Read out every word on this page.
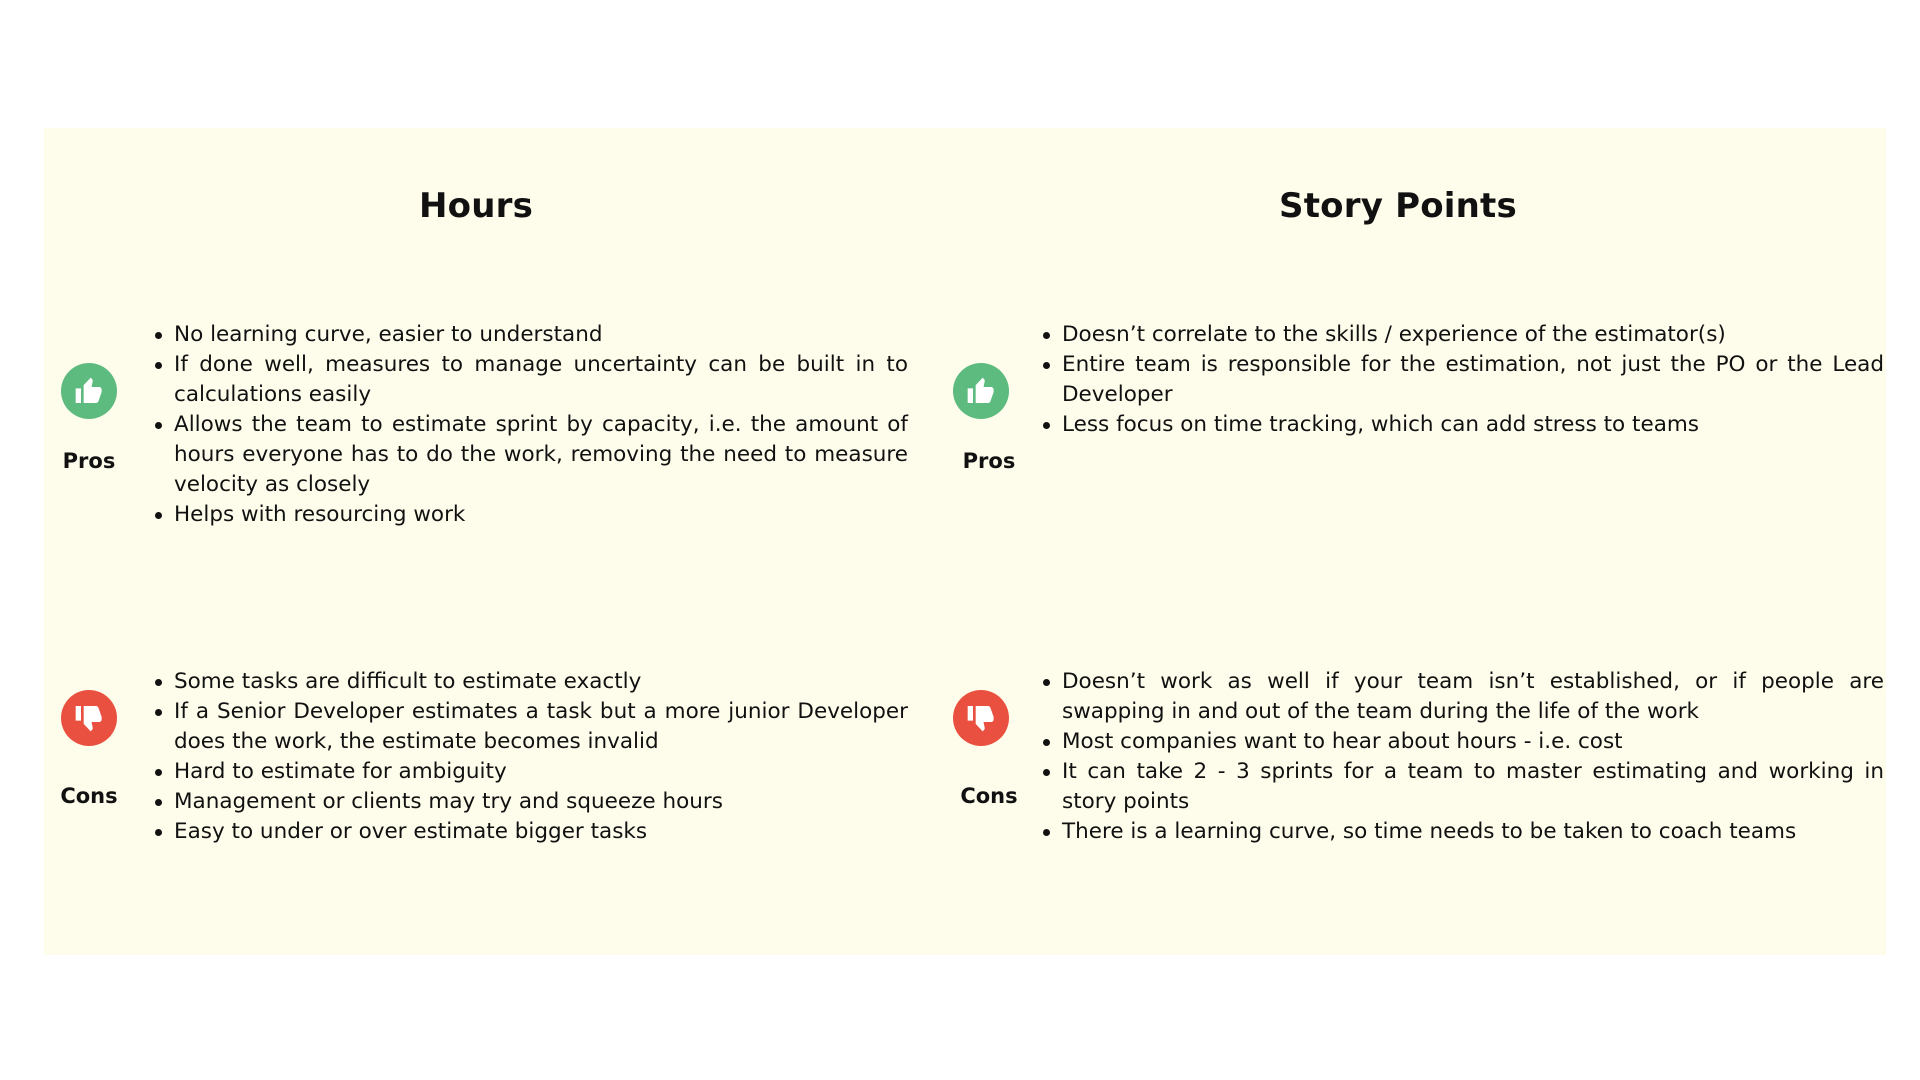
Hours	Story Points
Pros
No learning curve, easier to understand
If done well, measures to manage uncertainty can be built in to calculations easily
Allows the team to estimate sprint by capacity, i.e. the amount of hours everyone has to do the work, removing the need to measure velocity as closely
Helps with resourcing work
Cons
Some tasks are difficult to estimate exactly
If a Senior Developer estimates a task but a more junior Developer does the work, the estimate becomes invalid
Hard to estimate for ambiguity
Management or clients may try and squeeze hours
Easy to under or over estimate bigger tasks
Pros
Doesn’t correlate to the skills / experience of the estimator(s)
Entire team is responsible for the estimation, not just the PO or the Lead Developer
Less focus on time tracking, which can add stress to teams
Cons
Doesn’t work as well if your team isn’t established, or if people are swapping in and out of the team during the life of the work
Most companies want to hear about hours - i.e. cost
It can take 2 - 3 sprints for a team to master estimating and working in story points
There is a learning curve, so time needs to be taken to coach teams
